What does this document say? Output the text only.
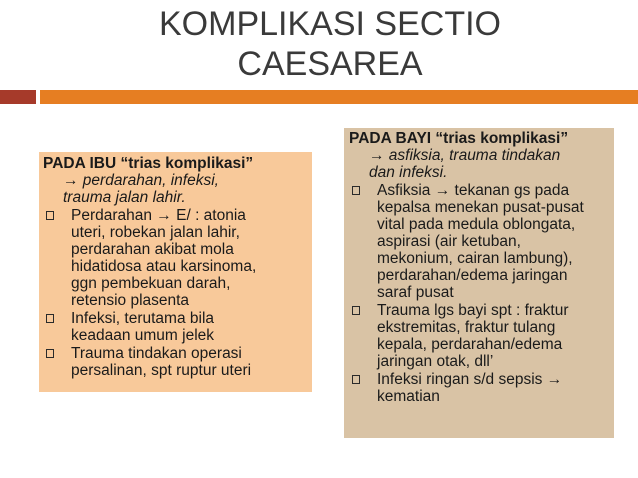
KOMPLIKASI SECTIO
CAESAREA
PADA IBU “trias komplikasi”
→ perdarahan, infeksi,
trauma jalan lahir.
Perdarahan → E/ : atonia
uteri, robekan jalan lahir,
perdarahan akibat mola
hidatidosa atau karsinoma,
ggn pembekuan darah,
retensio plasenta
Infeksi, terutama bila
keadaan umum jelek
Trauma tindakan operasi
persalinan, spt ruptur uteri
PADA BAYI “trias komplikasi”
→ asfiksia, trauma tindakan
dan infeksi.
Asfiksia → tekanan gs pada
kepalsa menekan pusat-pusat
vital pada medula oblongata,
aspirasi (air ketuban,
mekonium, cairan lambung),
perdarahan/edema jaringan
saraf pusat
Trauma lgs bayi spt : fraktur
ekstremitas, fraktur tulang
kepala, perdarahan/edema
jaringan otak, dll’
Infeksi ringan s/d sepsis →
kematian
